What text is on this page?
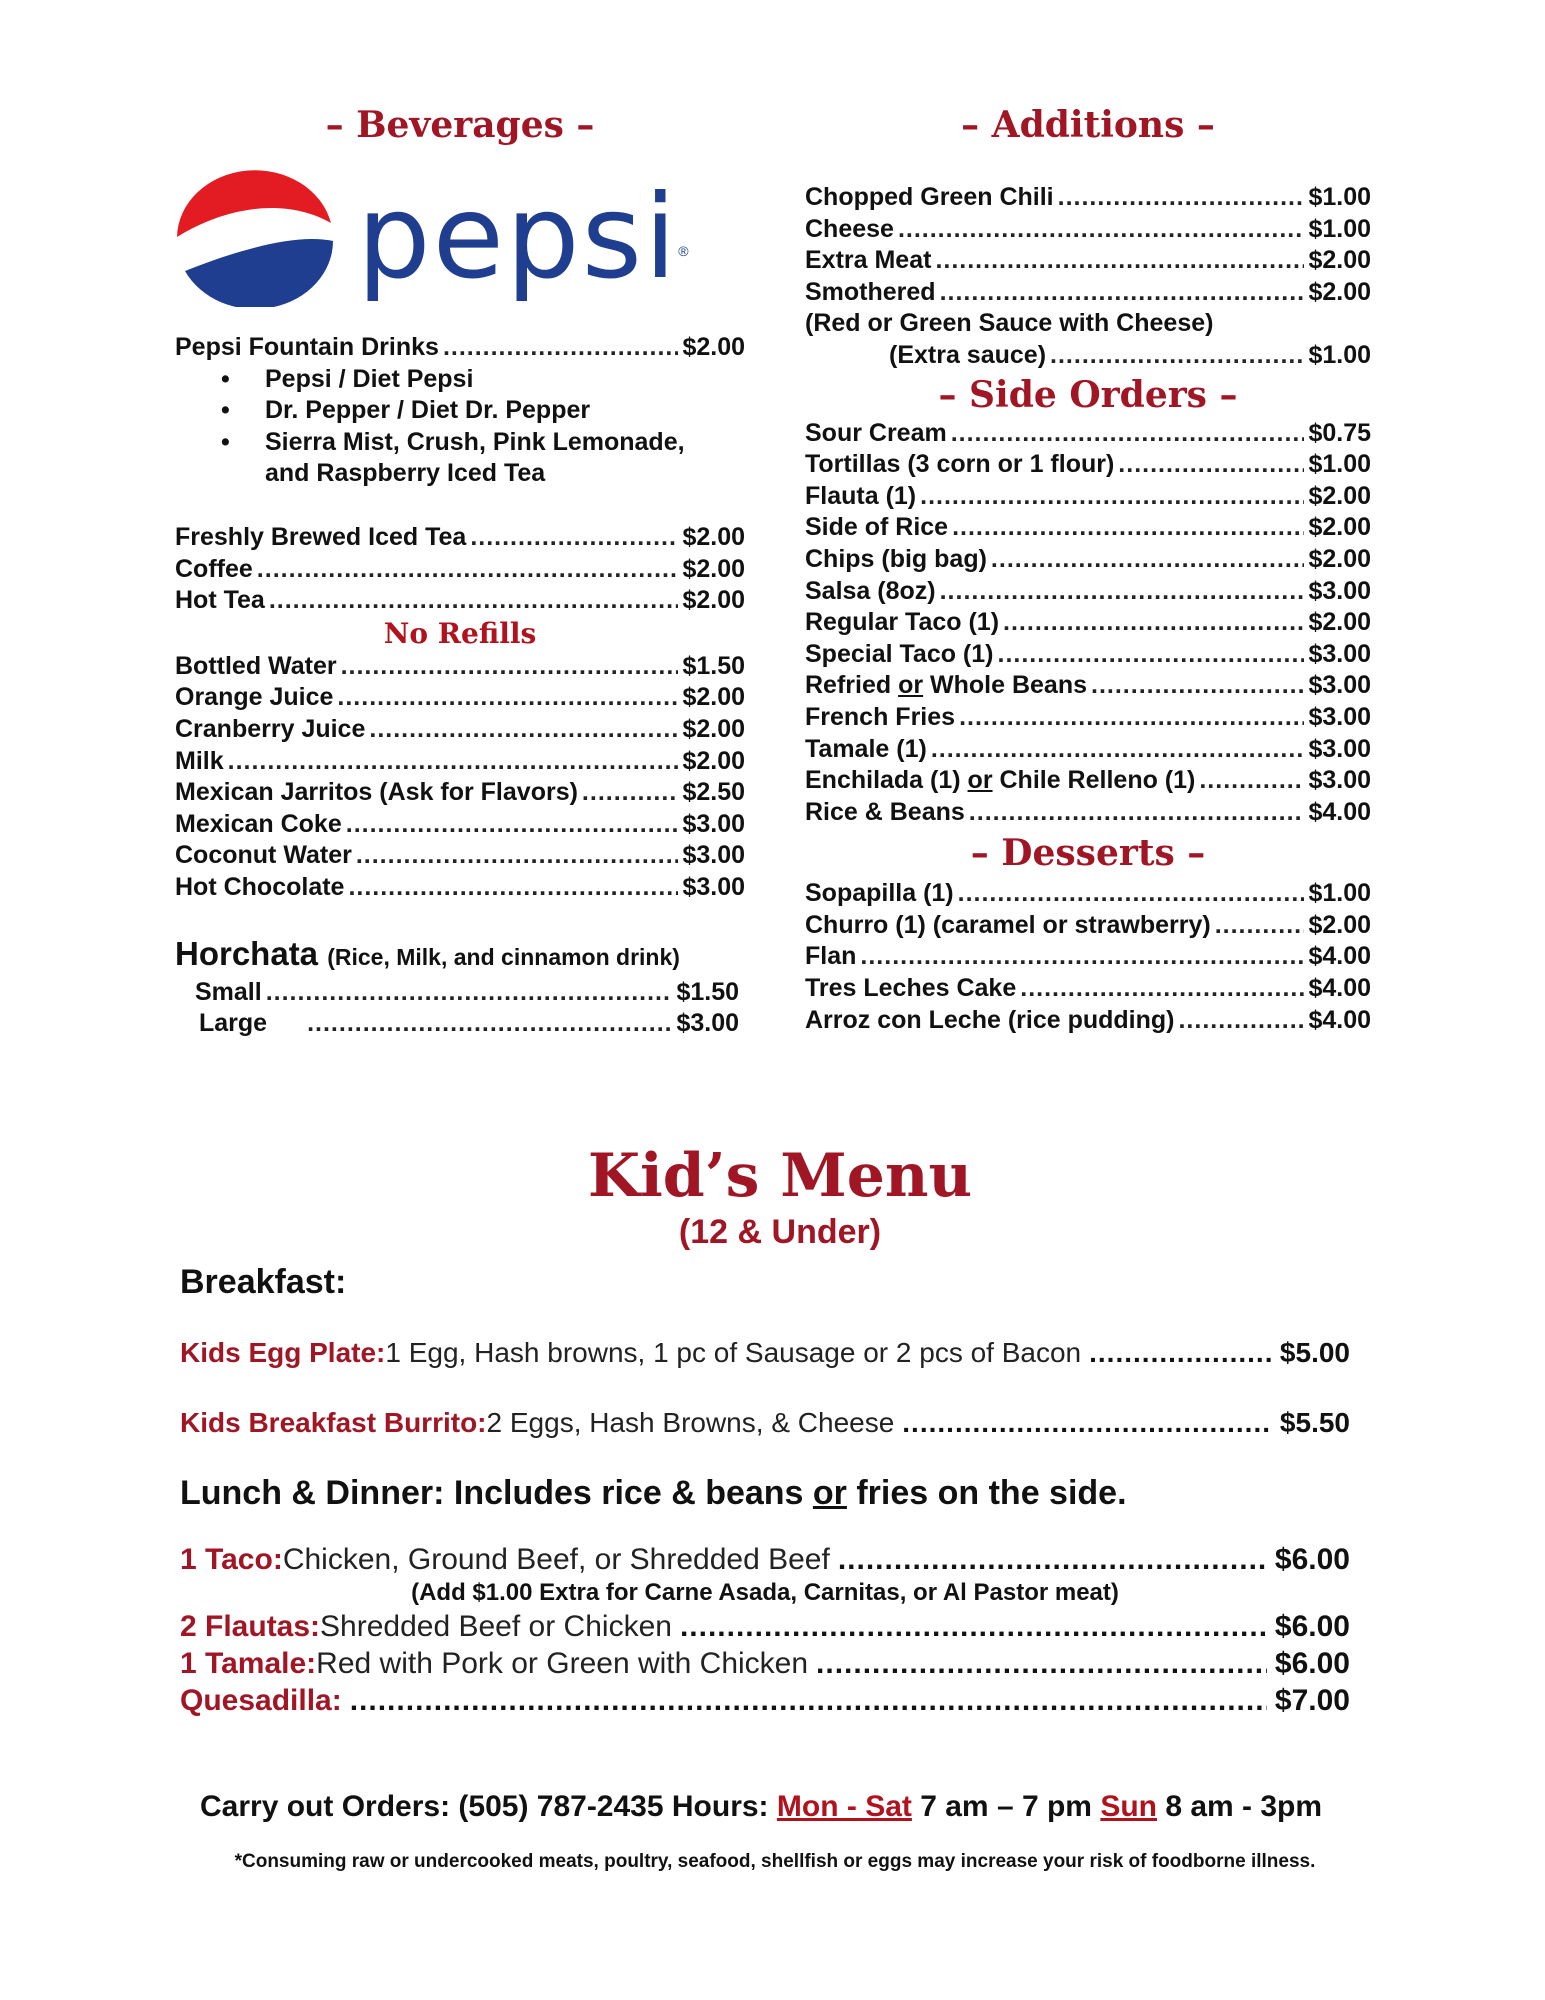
– Beverages –
pepsi ®
Pepsi Fountain Drinks .....	$2.00
• Pepsi / Diet Pepsi
• Dr. Pepper / Diet Dr. Pepper
• Sierra Mist, Crush, Pink Lemonade,
and Raspberry Iced Tea
Freshly Brewed Iced Tea .....	$2.00
Coffee .....	$2.00
Hot Tea .....	$2.00
No Refills
Bottled Water .....	$1.50
Orange Juice .....	$2.00
Cranberry Juice .....	$2.00
Milk .....	$2.00
Mexican Jarritos (Ask for Flavors) .....	$2.50
Mexican Coke .....	$3.00
Coconut Water .....	$3.00
Hot Chocolate .....	$3.00
Horchata (Rice, Milk, and cinnamon drink)
Small .....	$1.50
Large .....	$3.00
– Additions –
Chopped Green Chili .....	$1.00
Cheese .....	$1.00
Extra Meat .....	$2.00
Smothered .....	$2.00
(Red or Green Sauce with Cheese)
(Extra sauce) .....	$1.00
– Side Orders –
Sour Cream .....	$0.75
Tortillas (3 corn or 1 flour) .....	$1.00
Flauta (1) .....	$2.00
Side of Rice .....	$2.00
Chips (big bag) .....	$2.00
Salsa (8oz) .....	$3.00
Regular Taco (1) .....	$2.00
Special Taco (1) .....	$3.00
Refried or Whole Beans .....	$3.00
French Fries .....	$3.00
Tamale (1) .....	$3.00
Enchilada (1) or Chile Relleno (1) .....	$3.00
Rice & Beans .....	$4.00
– Desserts –
Sopapilla (1) .....	$1.00
Churro (1) (caramel or strawberry) .....	$2.00
Flan .....	$4.00
Tres Leches Cake .....	$4.00
Arroz con Leche (rice pudding) .....	$4.00
Kid’s Menu
(12 & Under)
Breakfast:
Kids Egg Plate: 1 Egg, Hash browns, 1 pc of Sausage or 2 pcs of Bacon .....	$5.00
Kids Breakfast Burrito: 2 Eggs, Hash Browns, & Cheese .....	$5.50
Lunch & Dinner: Includes rice & beans or fries on the side.
1 Taco: Chicken, Ground Beef, or Shredded Beef .....	$6.00
(Add $1.00 Extra for Carne Asada, Carnitas, or Al Pastor meat)
2 Flautas: Shredded Beef or Chicken .....	$6.00
1 Tamale: Red with Pork or Green with Chicken .....	$6.00
Quesadilla: .....	$7.00
Carry out Orders: (505) 787-2435 Hours: Mon - Sat 7 am – 7 pm Sun 8 am - 3pm
*Consuming raw or undercooked meats, poultry, seafood, shellfish or eggs may increase your risk of foodborne illness.
